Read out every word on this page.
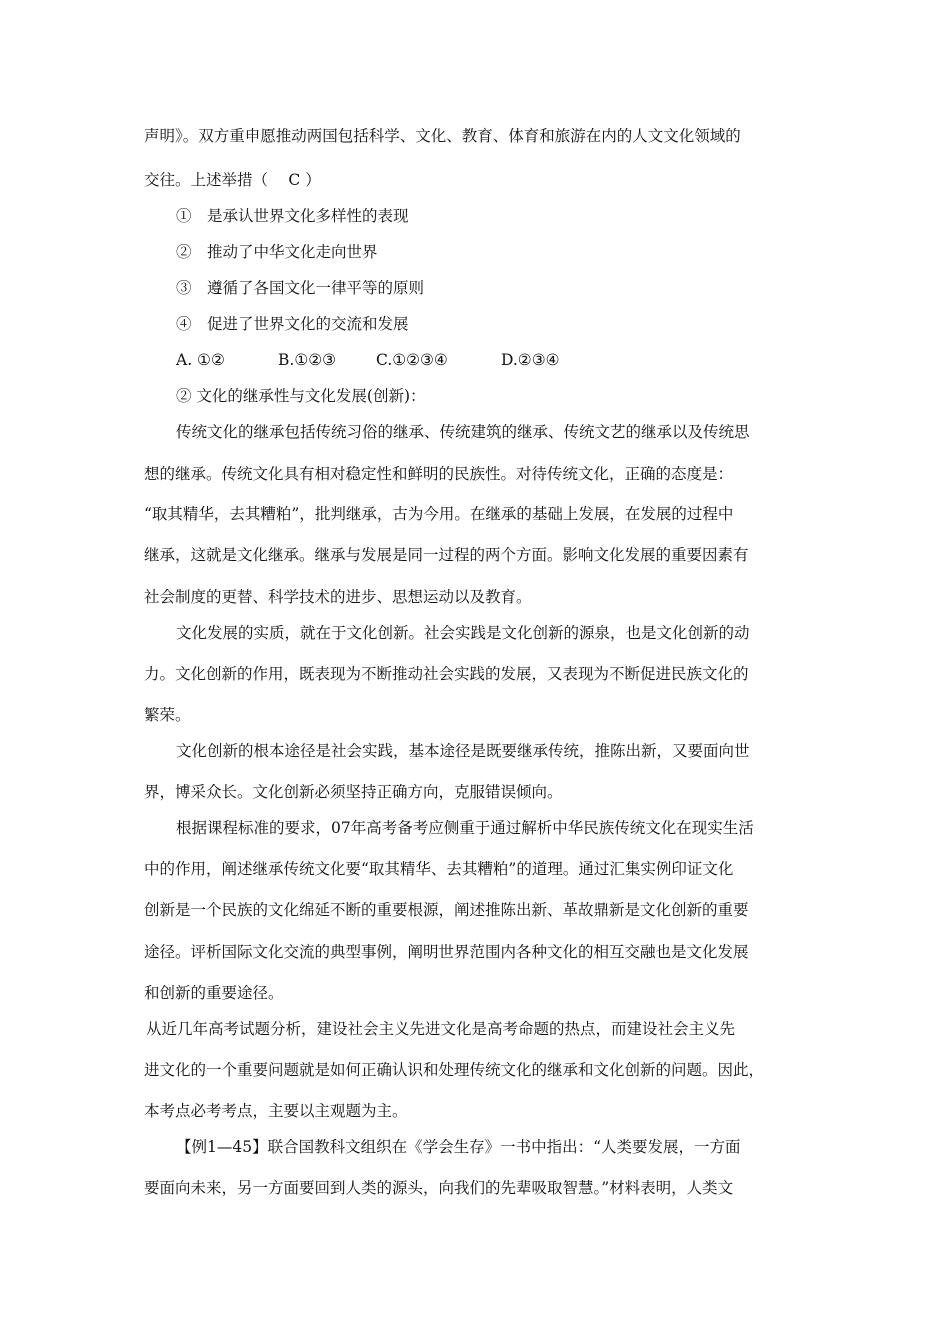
声明》。双方重申愿推动两国包括科学、文化、教育、体育和旅游在内的人文文化领域的

交往。上述举措（　 C ）

①　是承认世界文化多样性的表现

②　推动了中华文化走向世界

③　遵循了各国文化一律平等的原则

④　促进了世界文化的交流和发展

A. ①②	B.①②③	C.①②③④	D.②③④

② 文化的继承性与文化发展(创新)：

传统文化的继承包括传统习俗的继承、传统建筑的继承、传统文艺的继承以及传统思

想的继承。传统文化具有相对稳定性和鲜明的民族性。对待传统文化，正确的态度是：

“取其精华，去其糟粕”，批判继承，古为今用。在继承的基础上发展，在发展的过程中

继承，这就是文化继承。继承与发展是同一过程的两个方面。影响文化发展的重要因素有

社会制度的更替、科学技术的进步、思想运动以及教育。

文化发展的实质，就在于文化创新。社会实践是文化创新的源泉，也是文化创新的动

力。文化创新的作用，既表现为不断推动社会实践的发展，又表现为不断促进民族文化的

繁荣。

文化创新的根本途径是社会实践，基本途径是既要继承传统，推陈出新，又要面向世

界，博采众长。文化创新必须坚持正确方向，克服错误倾向。

根据课程标准的要求，07年高考备考应侧重于通过解析中华民族传统文化在现实生活

中的作用，阐述继承传统文化要“取其精华、去其糟粕”的道理。通过汇集实例印证文化

创新是一个民族的文化绵延不断的重要根源，阐述推陈出新、革故鼎新是文化创新的重要

途径。评析国际文化交流的典型事例，阐明世界范围内各种文化的相互交融也是文化发展

和创新的重要途径。

从近几年高考试题分析，建设社会主义先进文化是高考命题的热点，而建设社会主义先

进文化的一个重要问题就是如何正确认识和处理传统文化的继承和文化创新的问题。因此，

本考点必考考点，主要以主观题为主。

【例1—45】联合国教科文组织在《学会生存》一书中指出：“人类要发展，一方面

要面向未来，另一方面要回到人类的源头，向我们的先辈吸取智慧。”材料表明，人类文
